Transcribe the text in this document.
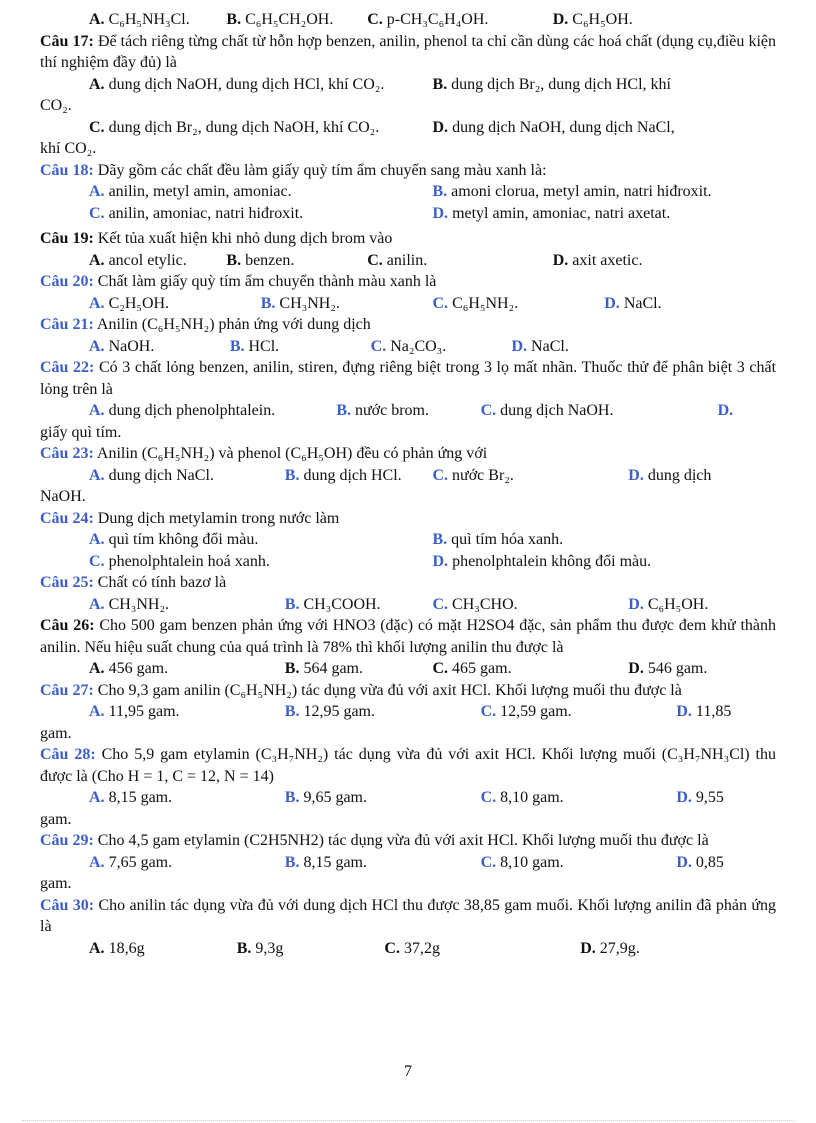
A. C₆H₅NH₃Cl.	B. C₆H₅CH₂OH.	C. p-CH₃C₆H₄OH.	D. C₆H₅OH.
Câu 17: Để tách riêng từng chất từ hỗn hợp benzen, anilin, phenol ta chỉ cần dùng các hoá chất (dụng cụ,điều kiện thí nghiệm đầy đủ) là
A. dung dịch NaOH, dung dịch HCl, khí CO₂.	B. dung dịch Br₂, dung dịch HCl, khí
CO₂.
C. dung dịch Br₂, dung dịch NaOH, khí CO₂.	D. dung dịch NaOH, dung dịch NaCl,
khí CO₂.
Câu 18: Dãy gồm các chất đều làm giấy quỳ tím ẩm chuyển sang màu xanh là:
A. anilin, metyl amin, amoniac.	B. amoni clorua, metyl amin, natri hiđroxit.
C. anilin, amoniac, natri hiđroxit.	D. metyl amin, amoniac, natri axetat.
Câu 19: Kết tủa xuất hiện khi nhỏ dung dịch brom vào
A. ancol etylic.	B. benzen.	C. anilin.	D. axit axetic.
Câu 20: Chất làm giấy quỳ tím ẩm chuyển thành màu xanh là
A. C₂H₅OH.	B. CH₃NH₂.	C. C₆H₅NH₂.	D. NaCl.
Câu 21: Anilin (C₆H₅NH₂) phản ứng với dung dịch
A. NaOH.	B. HCl.	C. Na₂CO₃.	D. NaCl.
Câu 22: Có 3 chất lỏng benzen, anilin, stiren, đựng riêng biệt trong 3 lọ mất nhãn. Thuốc thử để phân biệt 3 chất lỏng trên là
A. dung dịch phenolphtalein.	B. nước brom.	C. dung dịch NaOH.	D.
giấy quì tím.
Câu 23: Anilin (C₆H₅NH₂) và phenol (C₆H₅OH) đều có phản ứng với
A. dung dịch NaCl.	B. dung dịch HCl.	C. nước Br₂.	D. dung dịch
NaOH.
Câu 24: Dung dịch metylamin trong nước làm
A. quì tím không đổi màu.	B. quì tím hóa xanh.
C. phenolphtalein hoá xanh.	D. phenolphtalein không đổi màu.
Câu 25: Chất có tính bazơ là
A. CH₃NH₂.	B. CH₃COOH.	C. CH₃CHO.	D. C₆H₅OH.
Câu 26: Cho 500 gam benzen phản ứng với HNO3 (đặc) có mặt H2SO4 đặc, sản phẩm thu được đem khử thành anilin. Nếu hiệu suất chung của quá trình là 78% thì khối lượng anilin thu được là
A. 456 gam.	B. 564 gam.	C. 465 gam.	D. 546 gam.
Câu 27: Cho 9,3 gam anilin (C₆H₅NH₂) tác dụng vừa đủ với axit HCl. Khối lượng muối thu được là
A. 11,95 gam.	B. 12,95 gam.	C. 12,59 gam.	D. 11,85
gam.
Câu 28: Cho 5,9 gam etylamin (C₃H₇NH₂) tác dụng vừa đủ với axit HCl. Khối lượng muối (C₃H₇NH₃Cl) thu được là (Cho H = 1, C = 12, N = 14)
A. 8,15 gam.	B. 9,65 gam.	C. 8,10 gam.	D. 9,55
gam.
Câu 29: Cho 4,5 gam etylamin (C2H5NH2) tác dụng vừa đủ với axit HCl. Khối lượng muối thu được là
A. 7,65 gam.	B. 8,15 gam.	C. 8,10 gam.	D. 0,85
gam.
Câu 30: Cho anilin tác dụng vừa đủ với dung dịch HCl thu được 38,85 gam muối. Khối lượng anilin đã phản ứng là
A. 18,6g	B. 9,3g	C. 37,2g	D. 27,9g.
7
